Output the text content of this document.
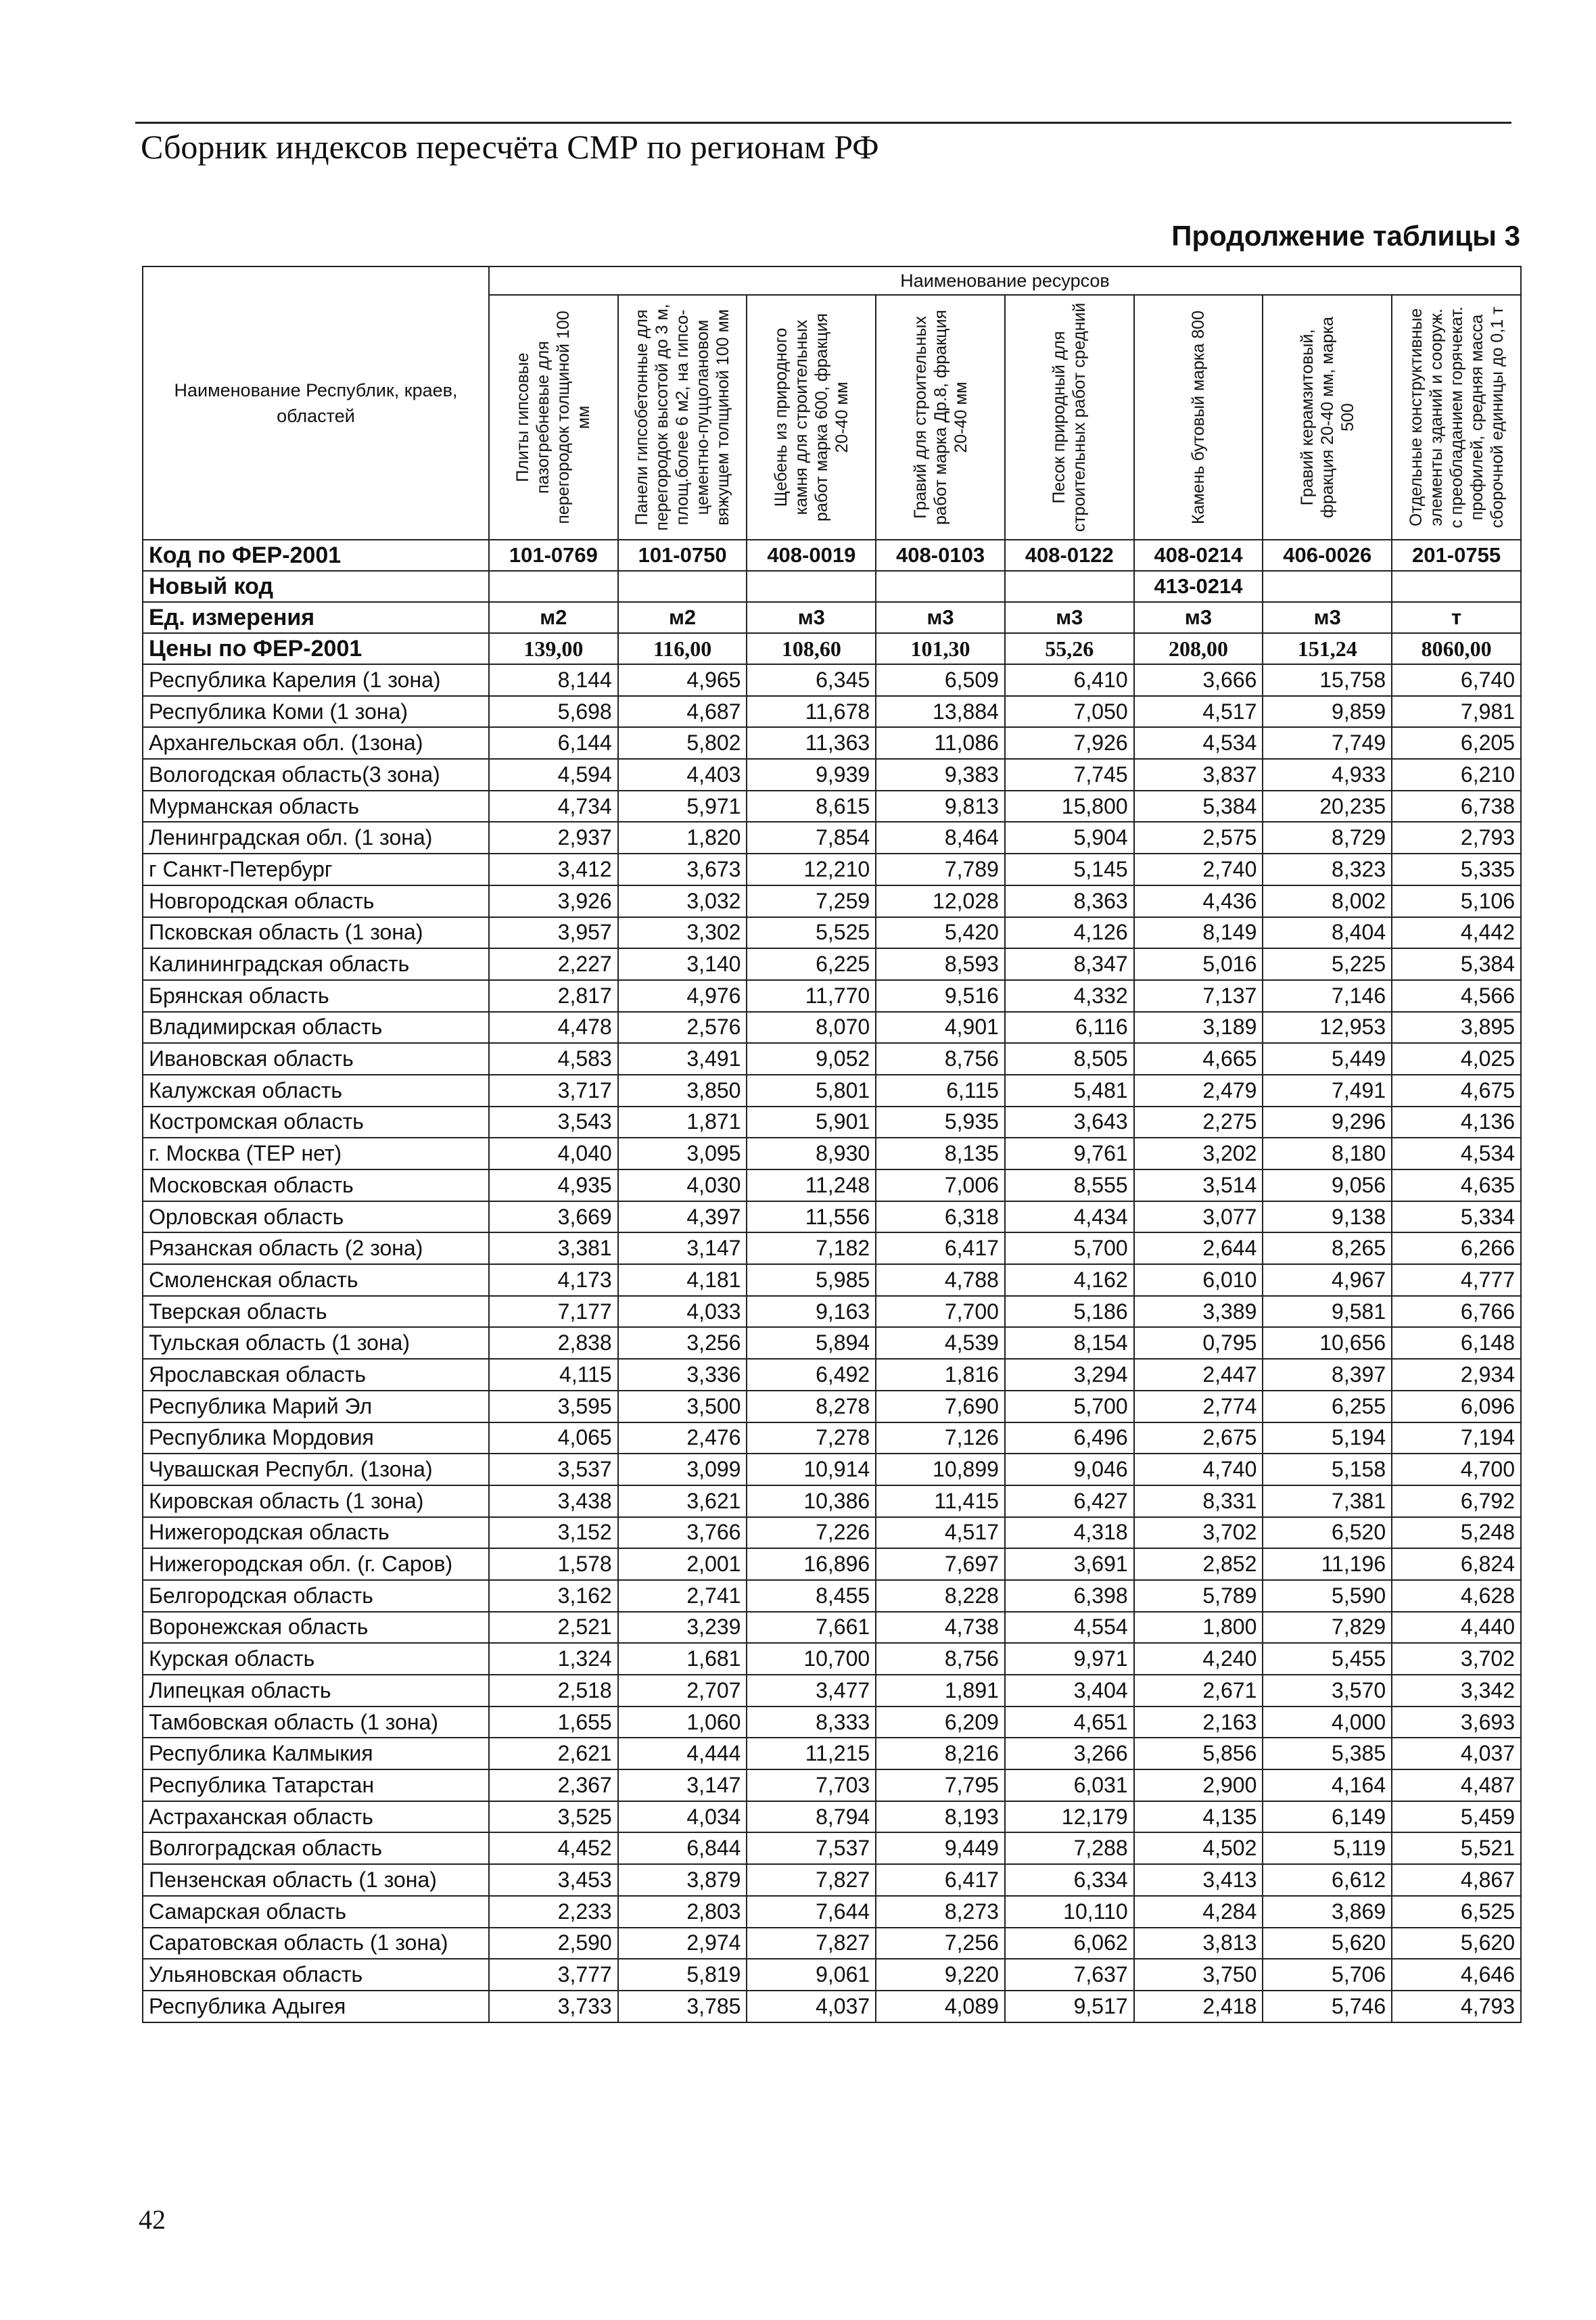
Сборник индексов пересчёта СМР по регионам РФ
Продолжение таблицы 3
Наименование Республик, краев, областей	Наименование ресурсов							

	Плиты гипсовые пазогребневые для перегородок толщиной 100 мм	Панели гипсобетонные для перегородок высотой до 3 м, площ.более 6 м2, на гипсо-цементно-пуццолановом вяжущем толщиной 100 мм	Щебень из природного камня для строительных работ марка 600, фракция 20-40 мм	Гравий для строительных работ марка Др.8, фракция 20-40 мм	Песок природный для строительных работ средний	Камень бутовый марка 800	Гравий керамзитовый, фракция 20-40 мм, марка 500	Отдельные конструктивные элементы зданий и сооруж. с преобладанием горячекат. профилей, средняя масса сборочной единицы до 0,1 т

Код по ФЕР-2001	101-0769	101-0750	408-0019	408-0103	408-0122	408-0214	406-0026	201-0755
Новый код						413-0214		
Ед. измерения	м2	м2	м3	м3	м3	м3	м3	т
Цены по ФЕР-2001	139,00	116,00	108,60	101,30	55,26	208,00	151,24	8060,00
Республика Карелия (1 зона)	8,144	4,965	6,345	6,509	6,410	3,666	15,758	6,740
Республика Коми (1 зона)	5,698	4,687	11,678	13,884	7,050	4,517	9,859	7,981
Архангельская обл. (1зона)	6,144	5,802	11,363	11,086	7,926	4,534	7,749	6,205
Вологодская область(3 зона)	4,594	4,403	9,939	9,383	7,745	3,837	4,933	6,210
Мурманская область	4,734	5,971	8,615	9,813	15,800	5,384	20,235	6,738
Ленинградская обл. (1 зона)	2,937	1,820	7,854	8,464	5,904	2,575	8,729	2,793
г Санкт-Петербург	3,412	3,673	12,210	7,789	5,145	2,740	8,323	5,335
Новгородская область	3,926	3,032	7,259	12,028	8,363	4,436	8,002	5,106
Псковская область (1 зона)	3,957	3,302	5,525	5,420	4,126	8,149	8,404	4,442
Калининградская область	2,227	3,140	6,225	8,593	8,347	5,016	5,225	5,384
Брянская область	2,817	4,976	11,770	9,516	4,332	7,137	7,146	4,566
Владимирская область	4,478	2,576	8,070	4,901	6,116	3,189	12,953	3,895
Ивановская область	4,583	3,491	9,052	8,756	8,505	4,665	5,449	4,025
Калужская область	3,717	3,850	5,801	6,115	5,481	2,479	7,491	4,675
Костромская область	3,543	1,871	5,901	5,935	3,643	2,275	9,296	4,136
г. Москва (ТЕР нет)	4,040	3,095	8,930	8,135	9,761	3,202	8,180	4,534
Московская область	4,935	4,030	11,248	7,006	8,555	3,514	9,056	4,635
Орловская область	3,669	4,397	11,556	6,318	4,434	3,077	9,138	5,334
Рязанская область (2 зона)	3,381	3,147	7,182	6,417	5,700	2,644	8,265	6,266
Смоленская область	4,173	4,181	5,985	4,788	4,162	6,010	4,967	4,777
Тверская область	7,177	4,033	9,163	7,700	5,186	3,389	9,581	6,766
Тульская область (1 зона)	2,838	3,256	5,894	4,539	8,154	0,795	10,656	6,148
Ярославская область	4,115	3,336	6,492	1,816	3,294	2,447	8,397	2,934
Республика Марий Эл	3,595	3,500	8,278	7,690	5,700	2,774	6,255	6,096
Республика Мордовия	4,065	2,476	7,278	7,126	6,496	2,675	5,194	7,194
Чувашская Республ. (1зона)	3,537	3,099	10,914	10,899	9,046	4,740	5,158	4,700
Кировская область (1 зона)	3,438	3,621	10,386	11,415	6,427	8,331	7,381	6,792
Нижегородская область	3,152	3,766	7,226	4,517	4,318	3,702	6,520	5,248
Нижегородская обл. (г. Саров)	1,578	2,001	16,896	7,697	3,691	2,852	11,196	6,824
Белгородская область	3,162	2,741	8,455	8,228	6,398	5,789	5,590	4,628
Воронежская область	2,521	3,239	7,661	4,738	4,554	1,800	7,829	4,440
Курская область	1,324	1,681	10,700	8,756	9,971	4,240	5,455	3,702
Липецкая область	2,518	2,707	3,477	1,891	3,404	2,671	3,570	3,342
Тамбовская область (1 зона)	1,655	1,060	8,333	6,209	4,651	2,163	4,000	3,693
Республика Калмыкия	2,621	4,444	11,215	8,216	3,266	5,856	5,385	4,037
Республика Татарстан	2,367	3,147	7,703	7,795	6,031	2,900	4,164	4,487
Астраханская область	3,525	4,034	8,794	8,193	12,179	4,135	6,149	5,459
Волгоградская область	4,452	6,844	7,537	9,449	7,288	4,502	5,119	5,521
Пензенская область (1 зона)	3,453	3,879	7,827	6,417	6,334	3,413	6,612	4,867
Самарская область	2,233	2,803	7,644	8,273	10,110	4,284	3,869	6,525
Саратовская область (1 зона)	2,590	2,974	7,827	7,256	6,062	3,813	5,620	5,620
Ульяновская область	3,777	5,819	9,061	9,220	7,637	3,750	5,706	4,646
Республика Адыгея	3,733	3,785	4,037	4,089	9,517	2,418	5,746	4,793
42
